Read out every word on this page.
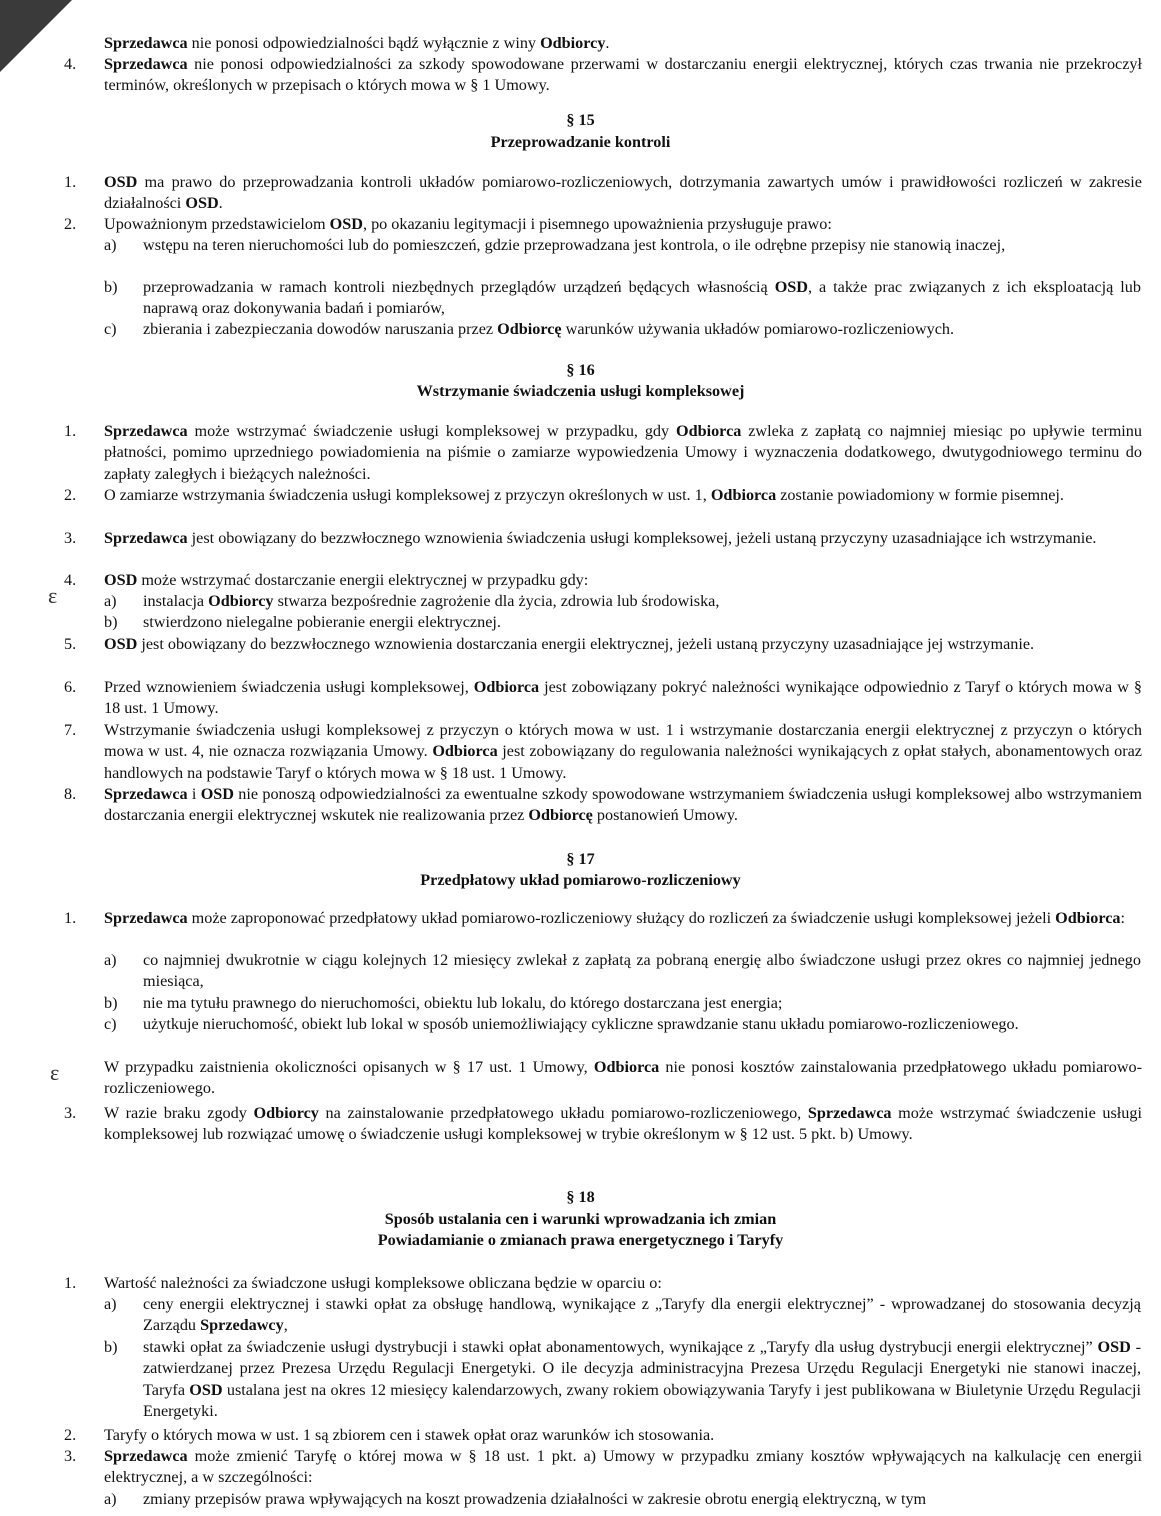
ɛ
ɛ
Sprzedawca nie ponosi odpowiedzialności bądź wyłącznie z winy Odbiorcy.
4. Sprzedawca nie ponosi odpowiedzialności za szkody spowodowane przerwami w dostarczaniu energii elektrycznej, których czas trwania nie przekroczył terminów, określonych w przepisach o których mowa w § 1 Umowy.
§ 15
Przeprowadzanie kontroli
1. OSD ma prawo do przeprowadzania kontroli układów pomiarowo-rozliczeniowych, dotrzymania zawartych umów i prawidłowości rozliczeń w zakresie działalności OSD.
2. Upoważnionym przedstawicielom OSD, po okazaniu legitymacji i pisemnego upoważnienia przysługuje prawo:
a) wstępu na teren nieruchomości lub do pomieszczeń, gdzie przeprowadzana jest kontrola, o ile odrębne przepisy nie stanowią inaczej,
b) przeprowadzania w ramach kontroli niezbędnych przeglądów urządzeń będących własnością OSD, a także prac związanych z ich eksploatacją lub naprawą oraz dokonywania badań i pomiarów,
c) zbierania i zabezpieczania dowodów naruszania przez Odbiorcę warunków używania układów pomiarowo-rozliczeniowych.
§ 16
Wstrzymanie świadczenia usługi kompleksowej
1. Sprzedawca może wstrzymać świadczenie usługi kompleksowej w przypadku, gdy Odbiorca zwleka z zapłatą co najmniej miesiąc po upływie terminu płatności, pomimo uprzedniego powiadomienia na piśmie o zamiarze wypowiedzenia Umowy i wyznaczenia dodatkowego, dwutygodniowego terminu do zapłaty zaległych i bieżących należności.
2. O zamiarze wstrzymania świadczenia usługi kompleksowej z przyczyn określonych w ust. 1, Odbiorca zostanie powiadomiony w formie pisemnej.
3. Sprzedawca jest obowiązany do bezzwłocznego wznowienia świadczenia usługi kompleksowej, jeżeli ustaną przyczyny uzasadniające ich wstrzymanie.
4. OSD może wstrzymać dostarczanie energii elektrycznej w przypadku gdy:
a) instalacja Odbiorcy stwarza bezpośrednie zagrożenie dla życia, zdrowia lub środowiska,
b) stwierdzono nielegalne pobieranie energii elektrycznej.
5. OSD jest obowiązany do bezzwłocznego wznowienia dostarczania energii elektrycznej, jeżeli ustaną przyczyny uzasadniające jej wstrzymanie.
6. Przed wznowieniem świadczenia usługi kompleksowej, Odbiorca jest zobowiązany pokryć należności wynikające odpowiednio z Taryf o których mowa w § 18 ust. 1 Umowy.
7. Wstrzymanie świadczenia usługi kompleksowej z przyczyn o których mowa w ust. 1 i wstrzymanie dostarczania energii elektrycznej z przyczyn o których mowa w ust. 4, nie oznacza rozwiązania Umowy. Odbiorca jest zobowiązany do regulowania należności wynikających z opłat stałych, abonamentowych oraz handlowych na podstawie Taryf o których mowa w § 18 ust. 1 Umowy.
8. Sprzedawca i OSD nie ponoszą odpowiedzialności za ewentualne szkody spowodowane wstrzymaniem świadczenia usługi kompleksowej albo wstrzymaniem dostarczania energii elektrycznej wskutek nie realizowania przez Odbiorcę postanowień Umowy.
§ 17
Przedpłatowy układ pomiarowo-rozliczeniowy
1. Sprzedawca może zaproponować przedpłatowy układ pomiarowo-rozliczeniowy służący do rozliczeń za świadczenie usługi kompleksowej jeżeli Odbiorca:
a) co najmniej dwukrotnie w ciągu kolejnych 12 miesięcy zwlekał z zapłatą za pobraną energię albo świadczone usługi przez okres co najmniej jednego miesiąca,
b) nie ma tytułu prawnego do nieruchomości, obiektu lub lokalu, do którego dostarczana jest energia;
c) użytkuje nieruchomość, obiekt lub lokal w sposób uniemożliwiający cykliczne sprawdzanie stanu układu pomiarowo-rozliczeniowego.
W przypadku zaistnienia okoliczności opisanych w § 17 ust. 1 Umowy, Odbiorca nie ponosi kosztów zainstalowania przedpłatowego układu pomiarowo-rozliczeniowego.
3. W razie braku zgody Odbiorcy na zainstalowanie przedpłatowego układu pomiarowo-rozliczeniowego, Sprzedawca może wstrzymać świadczenie usługi kompleksowej lub rozwiązać umowę o świadczenie usługi kompleksowej w trybie określonym w § 12 ust. 5 pkt. b) Umowy.
§ 18
Sposób ustalania cen i warunki wprowadzania ich zmian
Powiadamianie o zmianach prawa energetycznego i Taryfy
1. Wartość należności za świadczone usługi kompleksowe obliczana będzie w oparciu o:
a) ceny energii elektrycznej i stawki opłat za obsługę handlową, wynikające z „Taryfy dla energii elektrycznej” - wprowadzanej do stosowania decyzją Zarządu Sprzedawcy,
b) stawki opłat za świadczenie usługi dystrybucji i stawki opłat abonamentowych, wynikające z „Taryfy dla usług dystrybucji energii elektrycznej” OSD - zatwierdzanej przez Prezesa Urzędu Regulacji Energetyki. O ile decyzja administracyjna Prezesa Urzędu Regulacji Energetyki nie stanowi inaczej, Taryfa OSD ustalana jest na okres 12 miesięcy kalendarzowych, zwany rokiem obowiązywania Taryfy i jest publikowana w Biuletynie Urzędu Regulacji Energetyki.
2. Taryfy o których mowa w ust. 1 są zbiorem cen i stawek opłat oraz warunków ich stosowania.
3. Sprzedawca może zmienić Taryfę o której mowa w § 18 ust. 1 pkt. a) Umowy w przypadku zmiany kosztów wpływających na kalkulację cen energii elektrycznej, a w szczególności:
a) zmiany przepisów prawa wpływających na koszt prowadzenia działalności w zakresie obrotu energią elektryczną, w tym
